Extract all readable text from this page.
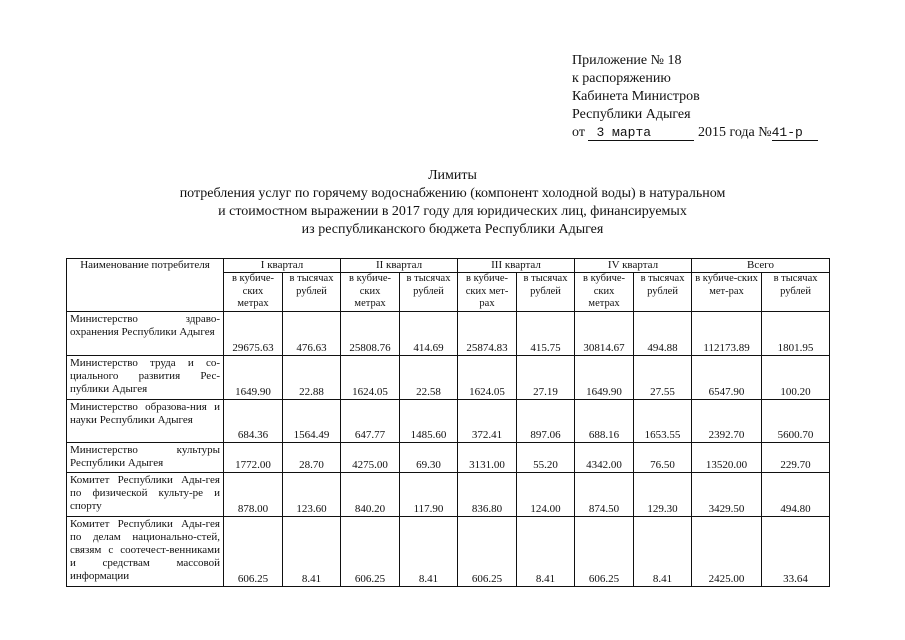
Приложение № 18
к распоряжению
Кабинета Министров
Республики Адыгея
от 3 марта	2015 года №41-р
Лимиты
потребления услуг по горячему водоснабжению (компонент холодной воды) в натуральном
и стоимостном выражении в 2017 году для юридических лиц, финансируемых
из республиканского бюджета Республики Адыгея
Наименование потребителя	I квартал		II квартал		III квартал		IV квартал		Всего	
	в кубиче-ских метрах	в тысячах рублей	в кубиче-ских метрах	в тысячах рублей	в кубиче-ских мет-рах	в тысячах рублей	в кубиче-ских метрах	в тысячах рублей	в кубиче-ских мет-рах	в тысячах рублей
Министерство здраво-охранения Республики Адыгея	29675.63	476.63	25808.76	414.69	25874.83	415.75	30814.67	494.88	112173.89	1801.95
Министерство труда и со-циального развития Рес-публики Адыгея	1649.90	22.88	1624.05	22.58	1624.05	27.19	1649.90	27.55	6547.90	100.20
Министерство образова-ния и науки Республики Адыгея	684.36	1564.49	647.77	1485.60	372.41	897.06	688.16	1653.55	2392.70	5600.70
Министерство культуры Республики Адыгея	1772.00	28.70	4275.00	69.30	3131.00	55.20	4342.00	76.50	13520.00	229.70
Комитет Республики Ады-гея по физической культу-ре и спорту	878.00	123.60	840.20	117.90	836.80	124.00	874.50	129.30	3429.50	494.80
Комитет Республики Ады-гея по делам национально-стей, связям с соотечест-венниками и средствам массовой информации	606.25	8.41	606.25	8.41	606.25	8.41	606.25	8.41	2425.00	33.64
